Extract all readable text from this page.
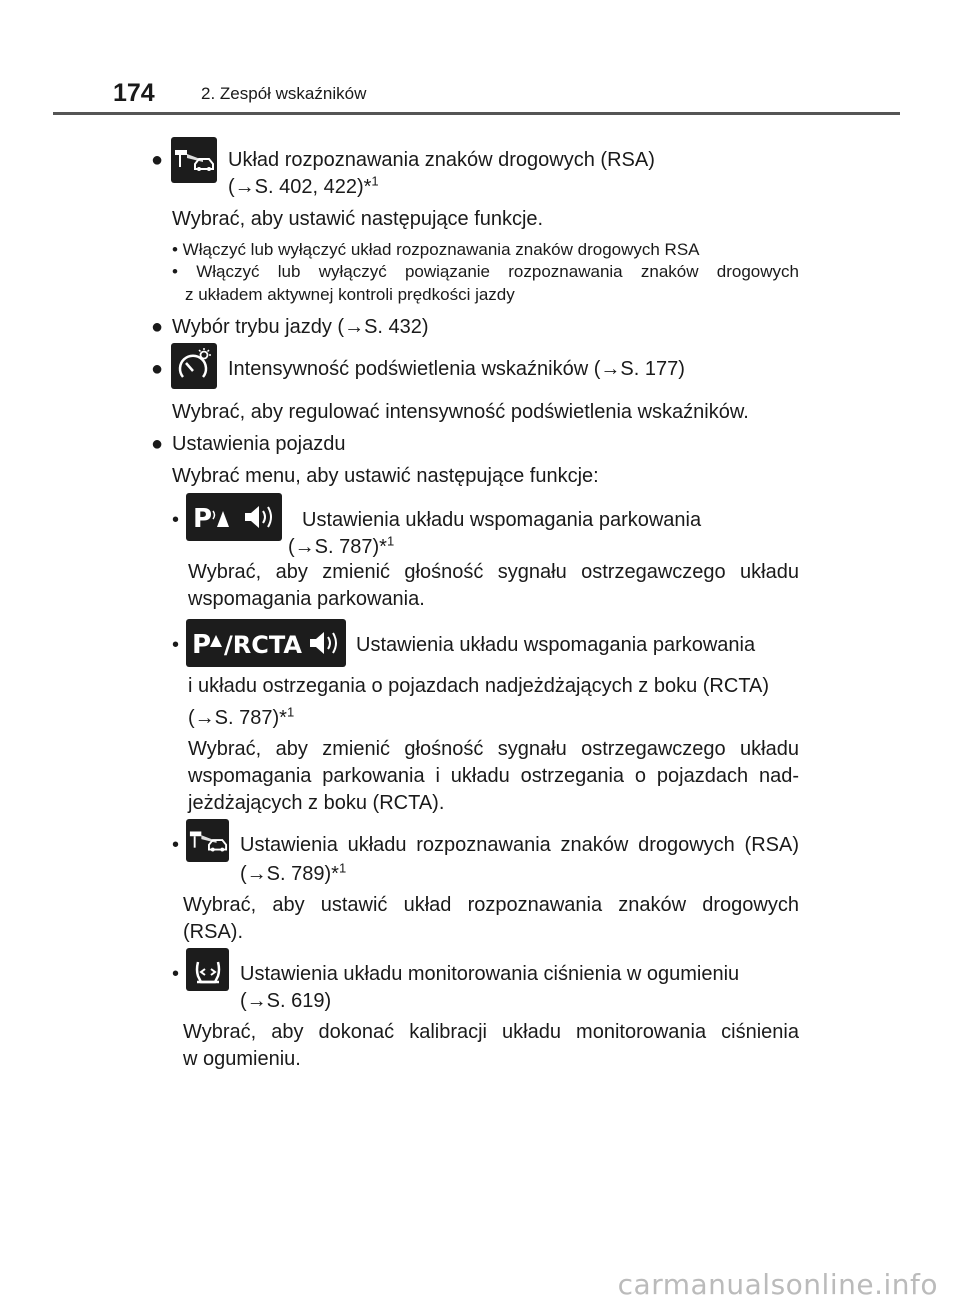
174	2. Zespół wskaźników
●	Układ rozpoznawania znaków drogowych (RSA)
(→S. 402, 422)*$^1$
Wybrać, aby ustawić następujące funkcje.
• Włączyć lub wyłączyć układ rozpoznawania znaków drogowych RSA
• Włączyć lub wyłączyć powiązanie rozpoznawania znaków drogowych
z układem aktywnej kontroli prędkości jazdy
● Wybór trybu jazdy (→S. 432)
●	Intensywność podświetlenia wskaźników (→S. 177)
Wybrać, aby regulować intensywność podświetlenia wskaźników.
● Ustawienia pojazdu
Wybrać menu, aby ustawić następujące funkcje:
• P	Ustawienia układu wspomagania parkowania
(→S. 787)*$^1$
Wybrać, aby zmienić głośność sygnału ostrzegawczego układu
wspomagania parkowania.
• P /RCTA	Ustawienia układu wspomagania parkowania
i układu ostrzegania o pojazdach nadjeżdżających z boku (RCTA)
(→S. 787)*$^1$
Wybrać, aby zmienić głośność sygnału ostrzegawczego układu
wspomagania parkowania i układu ostrzegania o pojazdach nad-
jeżdżających z boku (RCTA).
•	Ustawienia układu rozpoznawania znaków drogowych (RSA)
(→S. 789)*$^1$
Wybrać, aby ustawić układ rozpoznawania znaków drogowych
(RSA).
•	Ustawienia układu monitorowania ciśnienia w ogumieniu
(→S. 619)
Wybrać, aby dokonać kalibracji układu monitorowania ciśnienia
w ogumieniu.
carmanualsonline.info
